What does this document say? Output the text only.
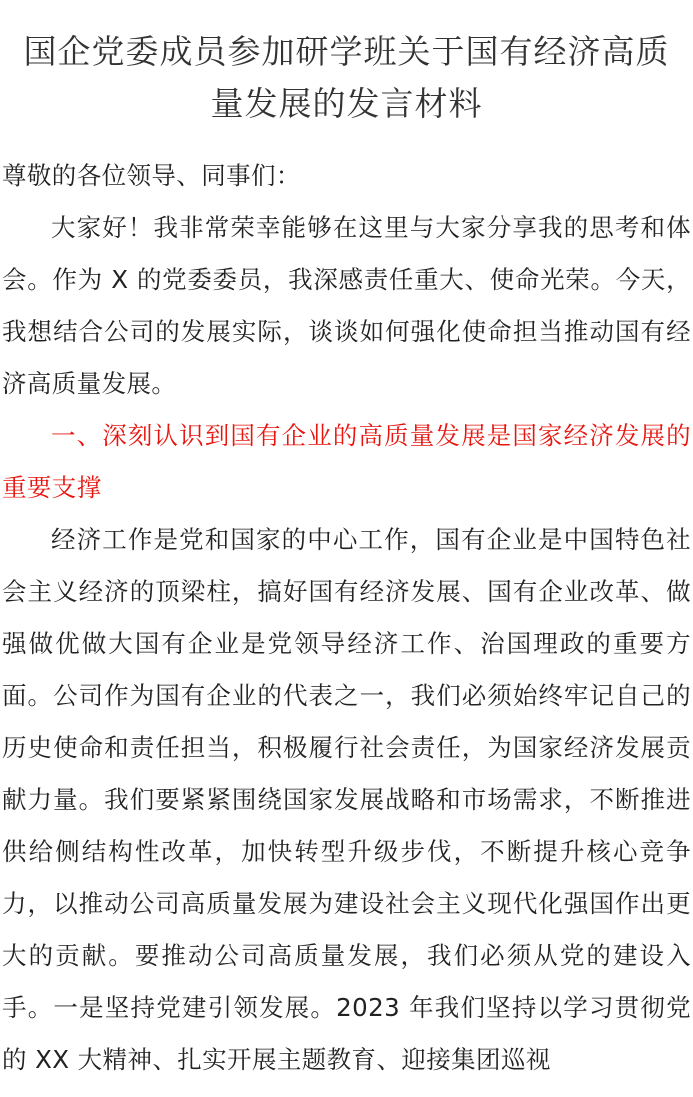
国企党委成员参加研学班关于国有经济高质
量发展的发言材料

尊敬的各位领导、同事们：

大家好！我非常荣幸能够在这里与大家分享我的思考和体会。作为 X 的党委委员，我深感责任重大、使命光荣。今天，我想结合公司的发展实际，谈谈如何强化使命担当推动国有经济高质量发展。

一、深刻认识到国有企业的高质量发展是国家经济发展的重要支撑

经济工作是党和国家的中心工作，国有企业是中国特色社会主义经济的顶梁柱，搞好国有经济发展、国有企业改革、做强做优做大国有企业是党领导经济工作、治国理政的重要方面。公司作为国有企业的代表之一，我们必须始终牢记自己的历史使命和责任担当，积极履行社会责任，为国家经济发展贡献力量。我们要紧紧围绕国家发展战略和市场需求，不断推进供给侧结构性改革，加快转型升级步伐，不断提升核心竞争力，以推动公司高质量发展为建设社会主义现代化强国作出更大的贡献。要推动公司高质量发展，我们必须从党的建设入手。一是坚持党建引领发展。2023 年我们坚持以学习贯彻党的 XX 大精神、扎实开展主题教育、迎接集团巡视
